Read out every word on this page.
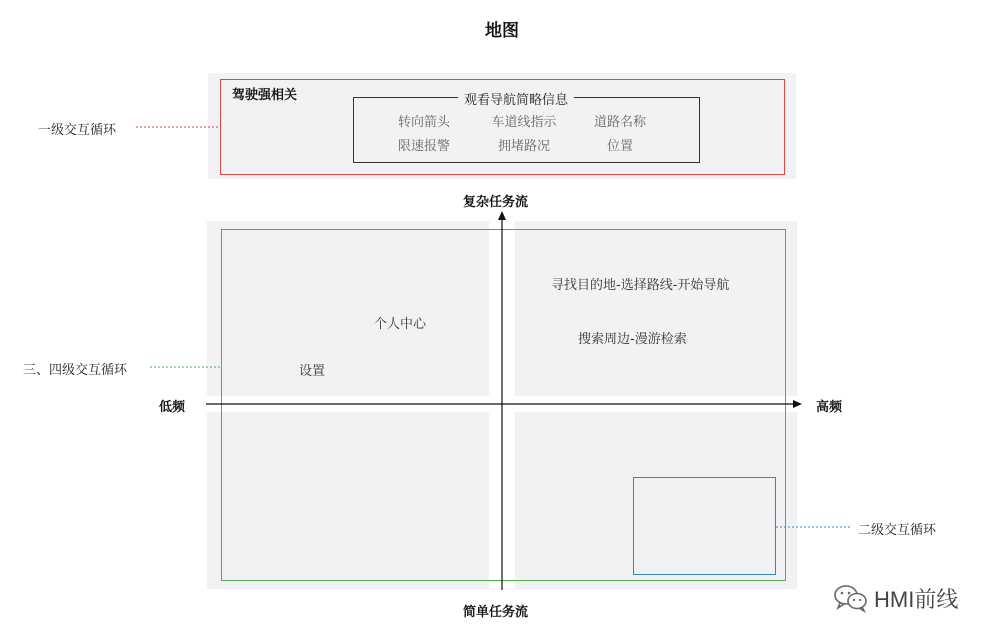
地图
驾驶强相关	观看导航简略信息
转向箭头	车道线指示	道路名称
限速报警	拥堵路况	位置
一级交互循环
个人中心
设置
寻找目的地-选择路线-开始导航
搜索周边-漫游检索
复杂任务流
简单任务流
低频	高频
三、四级交互循环
二级交互循环
HMI前线
